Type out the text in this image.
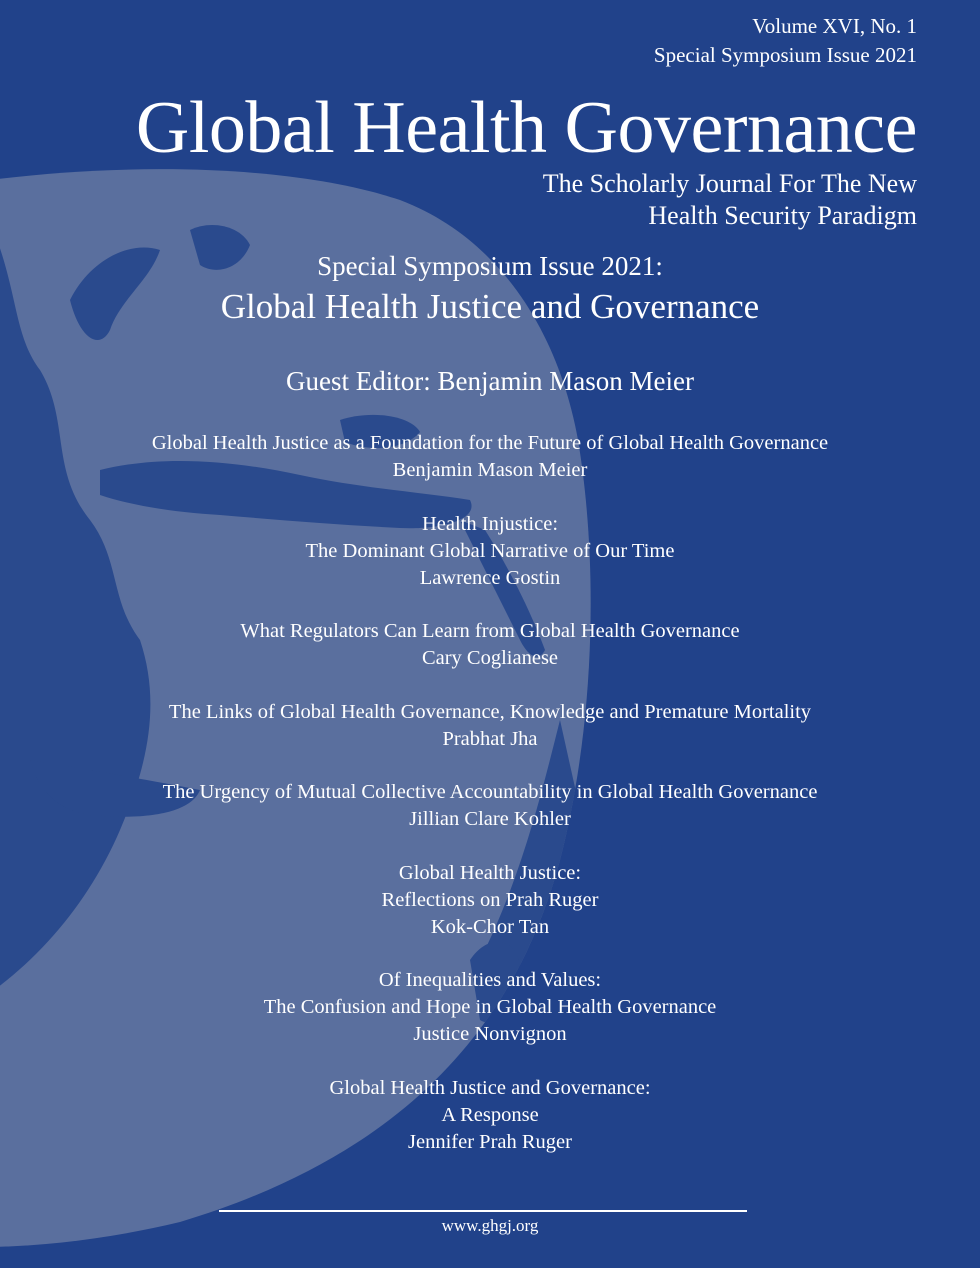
Volume XVI, No. 1
Special Symposium Issue 2021
Global Health Governance
The Scholarly Journal For The New
Health Security Paradigm
Special Symposium Issue 2021:
Global Health Justice and Governance
Guest Editor: Benjamin Mason Meier
Global Health Justice as a Foundation for the Future of Global Health Governance
Benjamin Mason Meier
Health Injustice:
The Dominant Global Narrative of Our Time
Lawrence Gostin
What Regulators Can Learn from Global Health Governance
Cary Coglianese
The Links of Global Health Governance, Knowledge and Premature Mortality
Prabhat Jha
The Urgency of Mutual Collective Accountability in Global Health Governance
Jillian Clare Kohler
Global Health Justice:
Reflections on Prah Ruger
Kok-Chor Tan
Of Inequalities and Values:
The Confusion and Hope in Global Health Governance
Justice Nonvignon
Global Health Justice and Governance:
A Response
Jennifer Prah Ruger
www.ghgj.org
